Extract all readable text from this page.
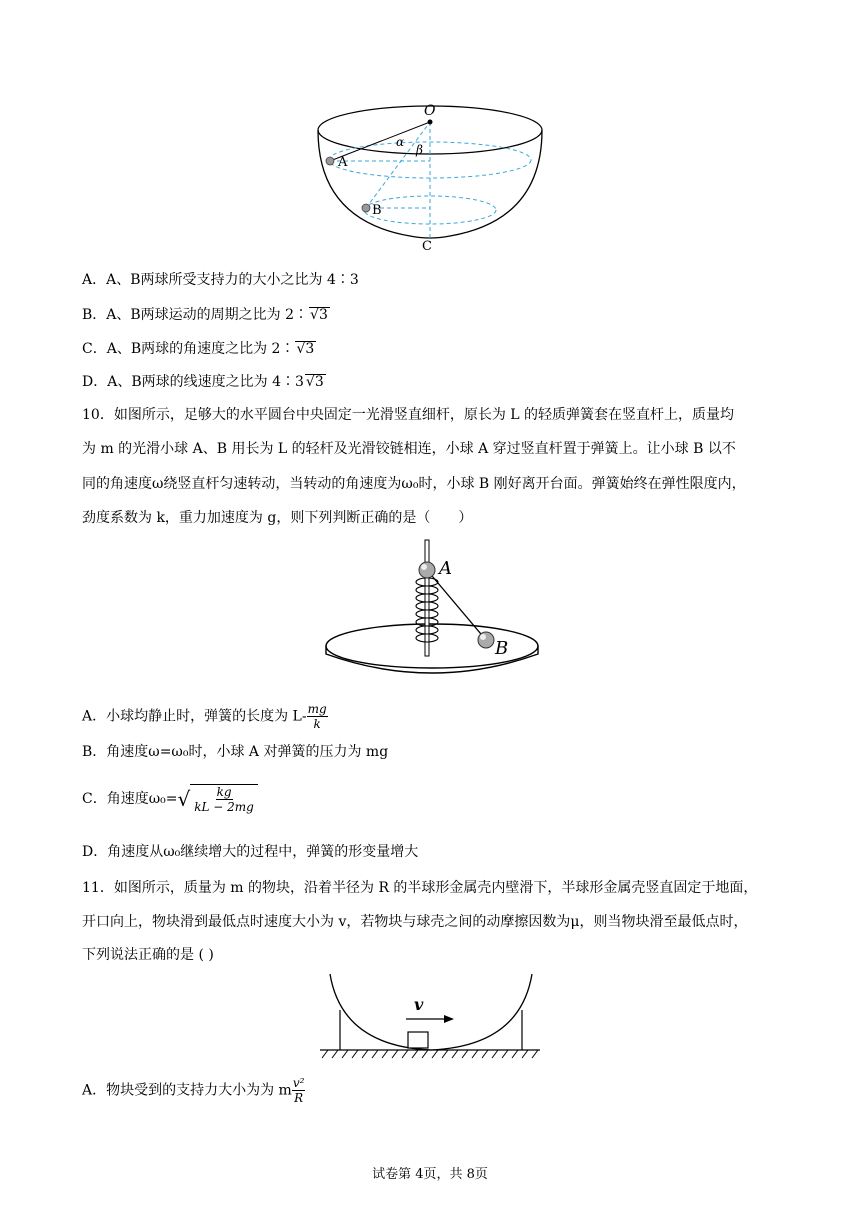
O
α
β
A
B
C
A．A、B两球所受支持力的大小之比为 4∶3
B．A、B两球运动的周期之比为 2∶ √3
C．A、B两球的角速度之比为 2∶ √3
D．A、B两球的线速度之比为 4∶3 √3
10．如图所示，足够大的水平圆台中央固定一光滑竖直细杆，原长为 L 的轻质弹簧套在竖直杆上，质量均
为 m 的光滑小球 A、B 用长为 L 的轻杆及光滑铰链相连，小球 A 穿过竖直杆置于弹簧上。让小球 B 以不
同的角速度ω绕竖直杆匀速转动，当转动的角速度为ω₀时，小球 B 刚好离开台面。弹簧始终在弹性限度内，
劲度系数为 k，重力加速度为 g，则下列判断正确的是（　　）
A
B
A．小球均静止时，弹簧的长度为 $L- \frac{mg}{k}$
B．角速度ω=ω₀时，小球 A 对弹簧的压力为 mg
C．角速度$\omega_0=√ \frac{kg}{kL - 2mg}$
D．角速度从ω₀继续增大的过程中，弹簧的形变量增大
11．如图所示，质量为 m 的物块，沿着半径为 R 的半球形金属壳内壁滑下，半球形金属壳竖直固定于地面，
开口向上，物块滑到最低点时速度大小为 v，若物块与球壳之间的动摩擦因数为μ，则当物块滑至最低点时，
下列说法正确的是 ( )
v
A．物块受到的支持力大小为为 m $\frac{\text{v²}}{R}$
试卷第 4页，共 8页
